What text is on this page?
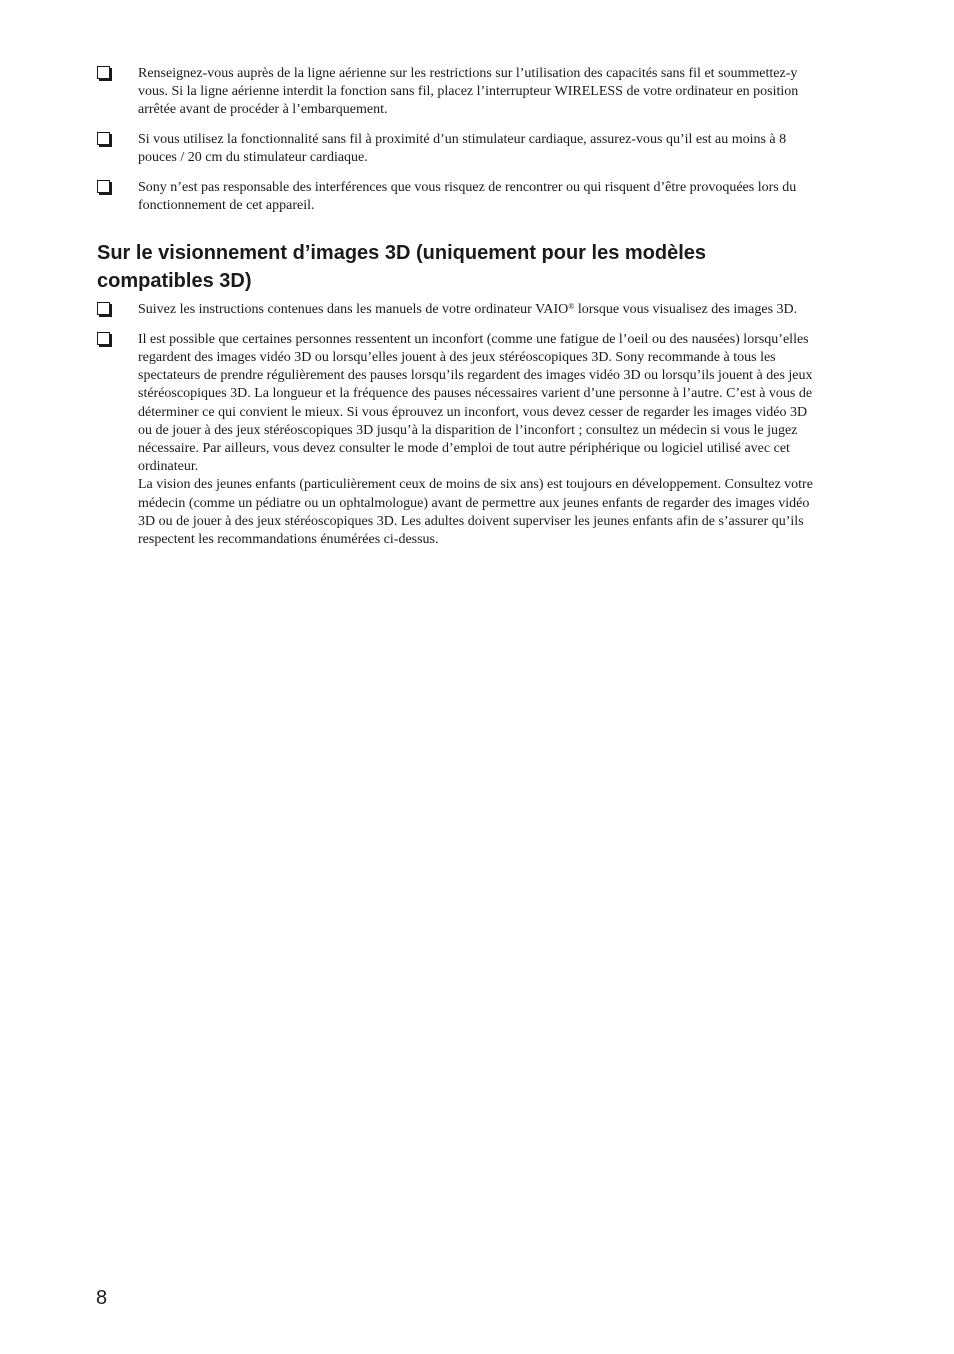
Renseignez-vous auprès de la ligne aérienne sur les restrictions sur l’utilisation des capacités sans fil et soummettez-y vous. Si la ligne aérienne interdit la fonction sans fil, placez l’interrupteur WIRELESS de votre ordinateur en position arrêtée avant de procéder à l’embarquement.

Si vous utilisez la fonctionnalité sans fil à proximité d’un stimulateur cardiaque, assurez-vous qu’il est au moins à 8 pouces / 20 cm du stimulateur cardiaque.

Sony n’est pas responsable des interférences que vous risquez de rencontrer ou qui risquent d’être provoquées lors du fonctionnement de cet appareil.

Sur le visionnement d’images 3D (uniquement pour les modèles compatibles 3D)

Suivez les instructions contenues dans les manuels de votre ordinateur VAIO® lorsque vous visualisez des images 3D.

Il est possible que certaines personnes ressentent un inconfort (comme une fatigue de l’oeil ou des nausées) lorsqu’elles regardent des images vidéo 3D ou lorsqu’elles jouent à des jeux stéréoscopiques 3D. Sony recommande à tous les spectateurs de prendre régulièrement des pauses lorsqu’ils regardent des images vidéo 3D ou lorsqu’ils jouent à des jeux stéréoscopiques 3D. La longueur et la fréquence des pauses nécessaires varient d’une personne à l’autre. C’est à vous de déterminer ce qui convient le mieux. Si vous éprouvez un inconfort, vous devez cesser de regarder les images vidéo 3D ou de jouer à des jeux stéréoscopiques 3D jusqu’à la disparition de l’inconfort ; consultez un médecin si vous le jugez nécessaire. Par ailleurs, vous devez consulter le mode d’emploi de tout autre périphérique ou logiciel utilisé avec cet ordinateur.

La vision des jeunes enfants (particulièrement ceux de moins de six ans) est toujours en développement. Consultez votre médecin (comme un pédiatre ou un ophtalmologue) avant de permettre aux jeunes enfants de regarder des images vidéo 3D ou de jouer à des jeux stéréoscopiques 3D. Les adultes doivent superviser les jeunes enfants afin de s’assurer qu’ils respectent les recommandations énumérées ci-dessus.

8
